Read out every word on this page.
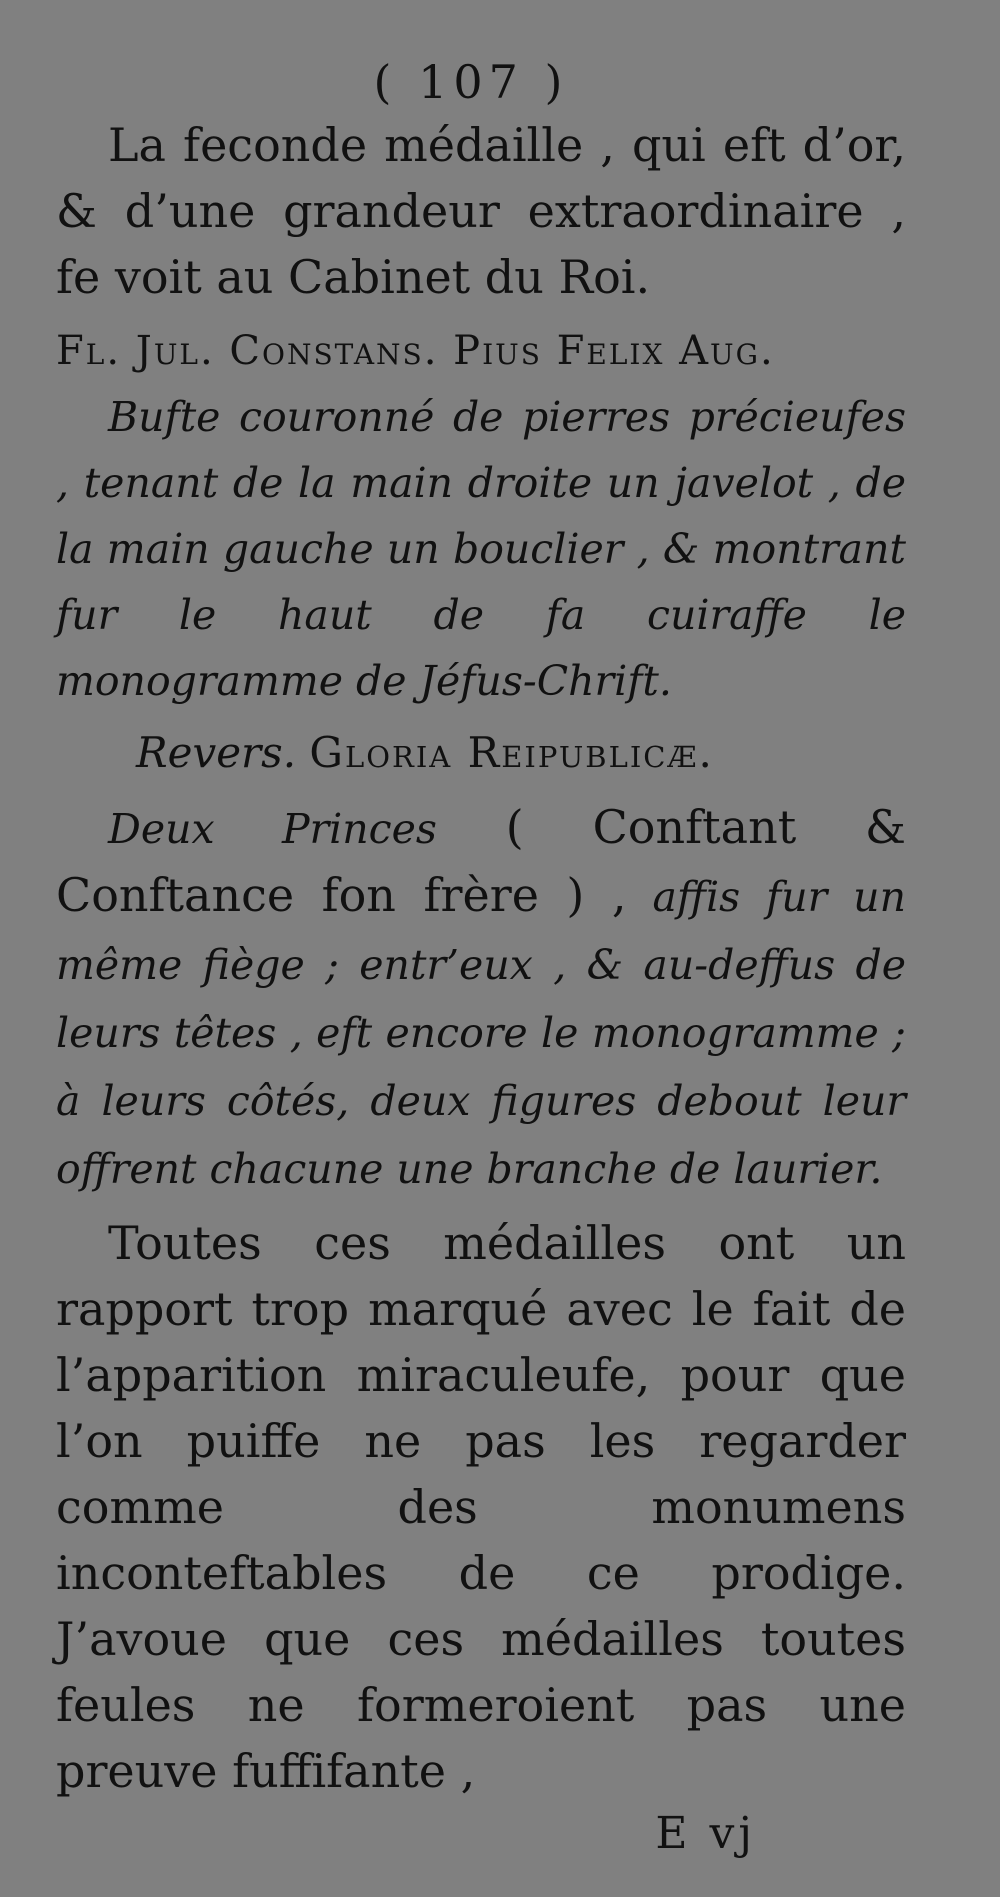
( 107 )

La feconde médaille , qui eft d’or, & d’une grandeur extraordinaire , fe voit au Cabinet du Roi.

Fl. Jul. Constans. Pius Felix Aug.

Bufte couronné de pierres précieufes , tenant de la main droite un javelot , de la main gauche un bouclier , & montrant fur le haut de fa cuiraffe le monogramme de Jéfus-Chrift.

Revers. Gloria Reipublicæ.

Deux Princes ( Conftant & Conftance fon frère ) , affis fur un même fiège ; entr’eux , & au-deffus de leurs têtes , eft encore le monogramme ; à leurs côtés, deux figures debout leur offrent chacune une branche de laurier.

Toutes ces médailles ont un rapport trop marqué avec le fait de l’apparition miraculeufe, pour que l’on puiffe ne pas les regarder comme des monumens inconteftables de ce prodige. J’avoue que ces médailles toutes feules ne formeroient pas une preuve fuffifante ,

E vj
